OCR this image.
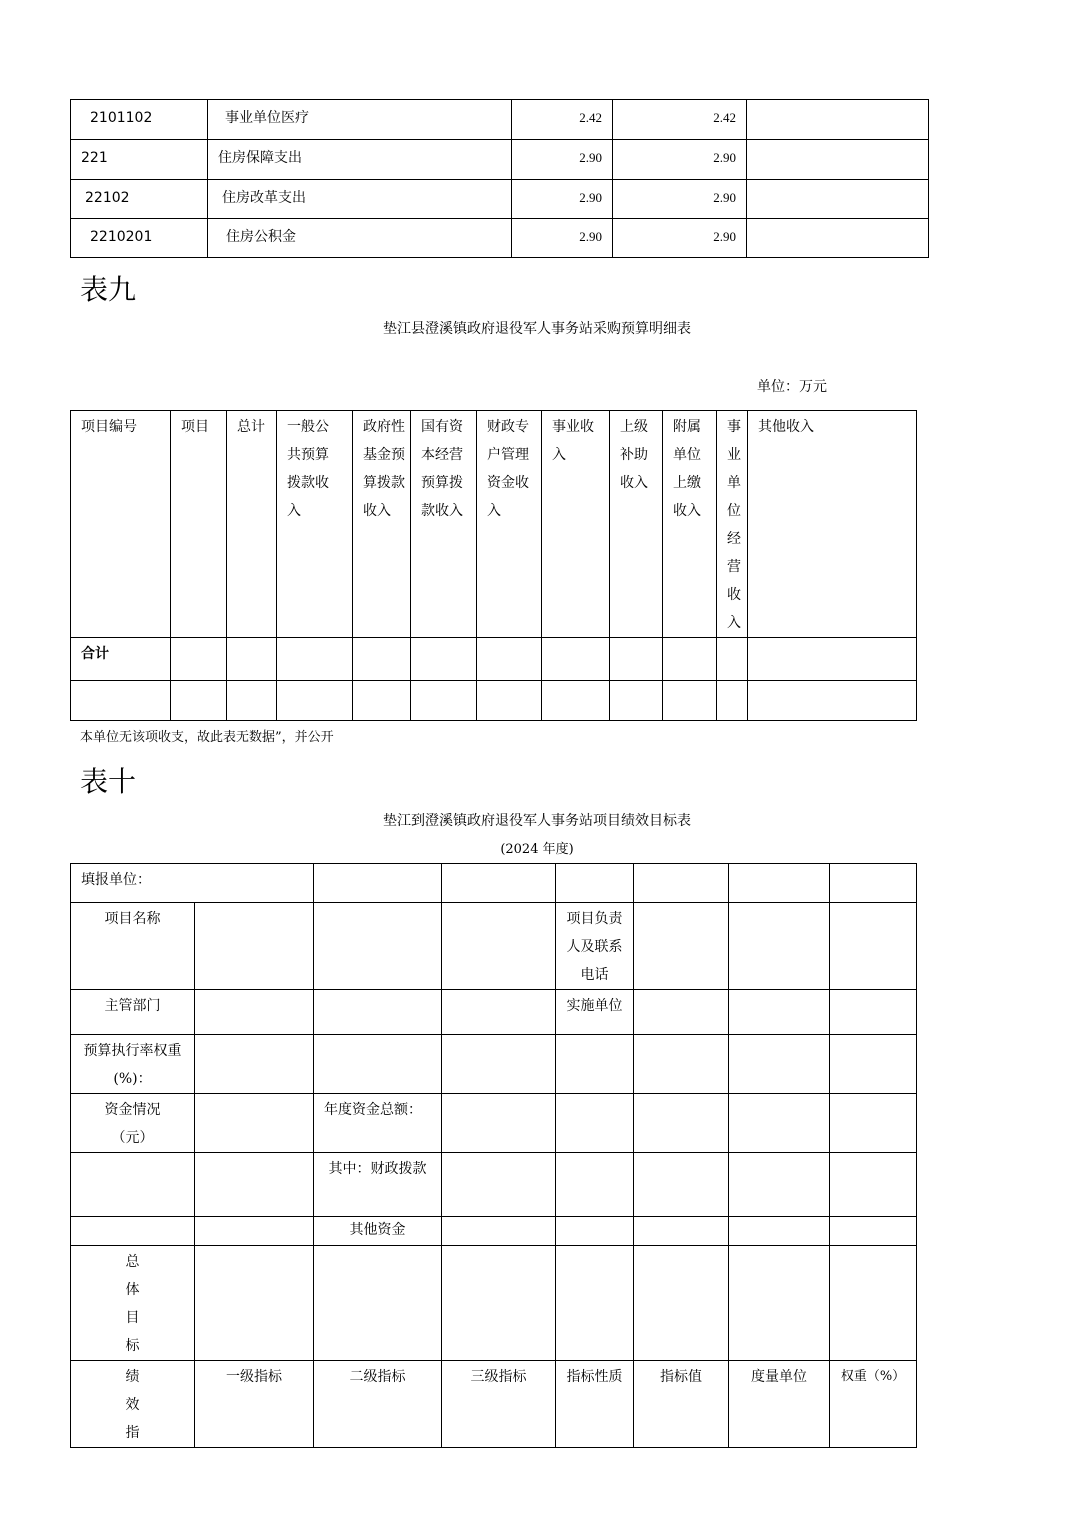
2101102	事业单位医疗	2.42	2.42	
221	住房保障支出	2.90	2.90	
22102	住房改革支出	2.90	2.90	
2210201	住房公积金	2.90	2.90	
表九
垫江县澄溪镇政府退役军人事务站采购预算明细表
单位：万元
项目编号	项目	总计	一般公共预算拨款收入	政府性基金预算拨款收入	国有资本经营预算拨款收入	财政专户管理资金收入	事业收入	上级补助收入	附属单位上缴收入	事业单位经营收入	其他收入
合计											

本单位无该项收支，故此表无数据”，并公开
表十
垫江到澄溪镇政府退役军人事务站项目绩效目标表
(2024 年度)
填报单位：							
项目名称				项目负责人及联系电话			
主管部门				实施单位			
预算执行率权重(%)：							
资金情况（元）		年度资金总额：					
		其中：财政拨款					
		其他资金					
总体目标							
绩效指	一级指标	二级指标	三级指标	指标性质	指标值	度量单位	权重（%）
